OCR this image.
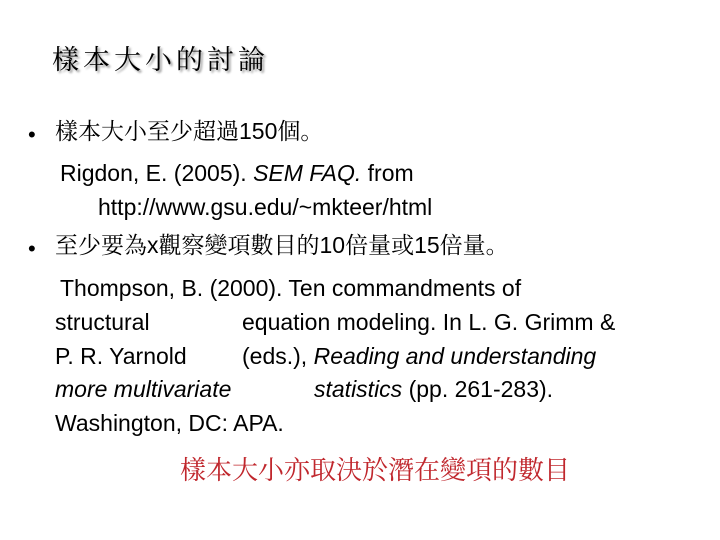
樣本大小的討論
• 樣本大小至少超過150個。
Rigdon, E. (2005). SEM FAQ. from
http://www.gsu.edu/~mkteer/html
• 至少要為x觀察變項數目的10倍量或15倍量。
Thompson, B. (2000). Ten commandments of
structural	equation modeling. In L. G. Grimm &
P. R. Yarnold (eds.), Reading and understanding
more multivariate	statistics (pp. 261-283).
Washington, DC: APA.
樣本大小亦取決於潛在變項的數目
